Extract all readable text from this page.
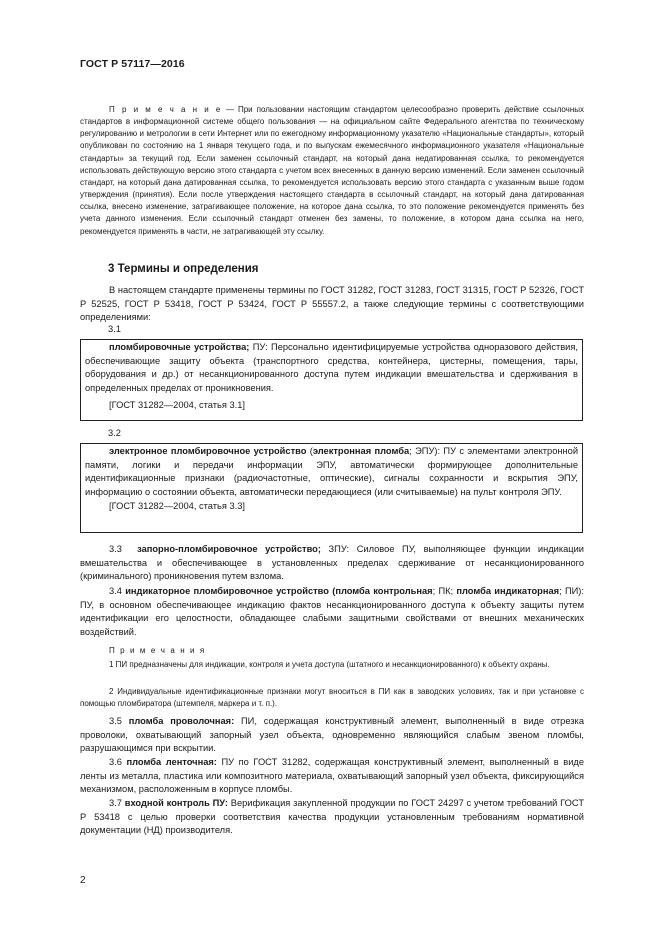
ГОСТ Р 57117—2016
П р и м е ч а н и е — При пользовании настоящим стандартом целесообразно проверить действие ссылочных стандартов в информационной системе общего пользования — на официальном сайте Федерального агентства по техническому регулированию и метрологии в сети Интернет или по ежегодному информационному указателю «Национальные стандарты», который опубликован по состоянию на 1 января текущего года, и по выпускам ежемесячного информационного указателя «Национальные стандарты» за текущий год. Если заменен ссылочный стандарт, на который дана недатированная ссылка, то рекомендуется использовать действующую версию этого стандарта с учетом всех внесенных в данную версию изменений. Если заменен ссылочный стандарт, на который дана датированная ссылка, то рекомендуется использовать версию этого стандарта с указанным выше годом утверждения (принятия). Если после утверждения настоящего стандарта в ссылочный стандарт, на который дана датированная ссылка, внесено изменение, затрагивающее положение, на которое дана ссылка, то это положение рекомендуется применять без учета данного изменения. Если ссылочный стандарт отменен без замены, то положение, в котором дана ссылка на него, рекомендуется применять в части, не затрагивающей эту ссылку.
3 Термины и определения
В настоящем стандарте применены термины по ГОСТ 31282, ГОСТ 31283, ГОСТ 31315, ГОСТ Р 52326, ГОСТ Р 52525, ГОСТ Р 53418, ГОСТ Р 53424, ГОСТ Р 55557.2, а также следующие термины с соответствующими определениями:
3.1
пломбировочные устройства; ПУ: Персонально идентифицируемые устройства одноразового действия, обеспечивающие защиту объекта (транспортного средства, контейнера, цистерны, помещения, тары, оборудования и др.) от несанкционированного доступа путем индикации вмешательства и сдерживания в определенных пределах от проникновения.
[ГОСТ 31282—2004, статья 3.1]
3.2
электронное пломбировочное устройство (электронная пломба; ЭПУ): ПУ с элементами электронной памяти, логики и передачи информации ЭПУ, автоматически формирующее дополнительные идентификационные признаки (радиочастотные, оптические), сигналы сохранности и вскрытия ЭПУ, информацию о состоянии объекта, автоматически передающиеся (или считываемые) на пульт контроля ЭПУ.
[ГОСТ 31282—2004, статья 3.3]
3.3 запорно-пломбировочное устройство; ЗПУ: Силовое ПУ, выполняющее функции индикации вмешательства и обеспечивающее в установленных пределах сдерживание от несанкционированного (криминального) проникновения путем взлома.
3.4 индикаторное пломбировочное устройство (пломба контрольная; ПК; пломба индикаторная; ПИ): ПУ, в основном обеспечивающее индикацию фактов несанкционированного доступа к объекту защиты путем идентификации его целостности, обладающее слабыми защитными свойствами от внешних механических воздействий.
П р и м е ч а н и я
1 ПИ предназначены для индикации, контроля и учета доступа (штатного и несанкционированного) к объекту охраны.
2 Индивидуальные идентификационные признаки могут вноситься в ПИ как в заводских условиях, так и при установке с помощью пломбиратора (штемпеля, маркера и т. п.).
3.5 пломба проволочная: ПИ, содержащая конструктивный элемент, выполненный в виде отрезка проволоки, охватывающий запорный узел объекта, одновременно являющийся слабым звеном пломбы, разрушающимся при вскрытии.
3.6 пломба ленточная: ПУ по ГОСТ 31282, содержащая конструктивный элемент, выполненный в виде ленты из металла, пластика или композитного материала, охватывающий запорный узел объекта, фиксирующийся механизмом, расположенным в корпусе пломбы.
3.7 входной контроль ПУ: Верификация закупленной продукции по ГОСТ 24297 с учетом требований ГОСТ Р 53418 с целью проверки соответствия качества продукции установленным требованиям нормативной документации (НД) производителя.
2
